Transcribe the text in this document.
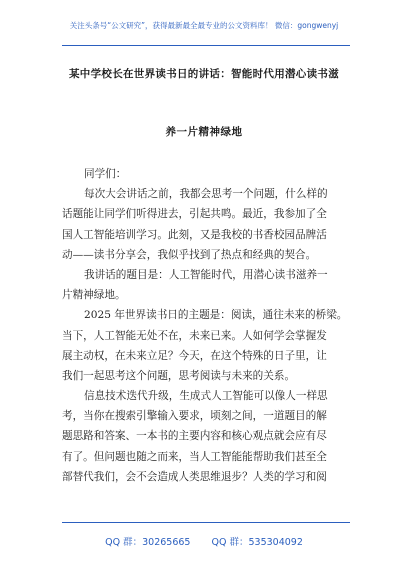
关注头条号“公文研究”，获得最新最全最专业的公文资料库！ 微信：gongwenyj
某中学校长在世界读书日的讲话：智能时代用潜心读书滋
养一片精神绿地
同学们：
每次大会讲话之前，我都会思考一个问题，什么样的
话题能让同学们听得进去，引起共鸣。最近，我参加了全
国人工智能培训学习。此刻，又是我校的书香校园品牌活
动——读书分享会，我似乎找到了热点和经典的契合。
我讲话的题目是：人工智能时代，用潜心读书滋养一
片精神绿地。
2025 年世界读书日的主题是：阅读，通往未来的桥梁。
当下，人工智能无处不在，未来已来。人如何学会掌握发
展主动权，在未来立足？今天，在这个特殊的日子里，让
我们一起思考这个问题，思考阅读与未来的关系。
信息技术迭代升级，生成式人工智能可以像人一样思
考，当你在搜索引擎输入要求，顷刻之间，一道题目的解
题思路和答案、一本书的主要内容和核心观点就会应有尽
有了。但问题也随之而来，当人工智能能帮助我们甚至全
部替代我们，会不会造成人类思维退步？人类的学习和阅
QQ 群：30265665 QQ 群：535304092
